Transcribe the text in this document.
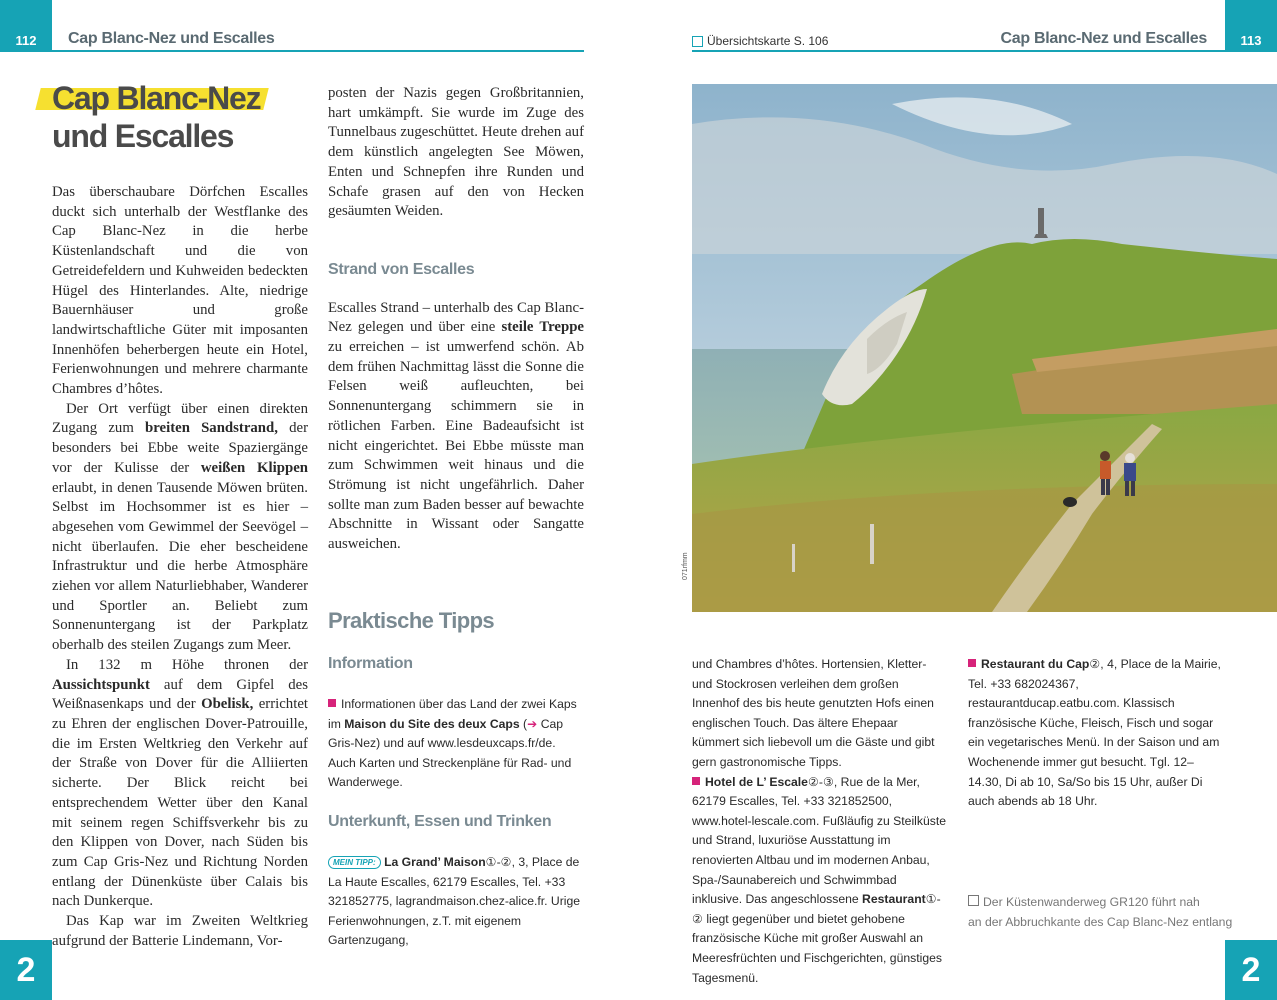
112 Cap Blanc-Nez und Escalles	Übersichtskarte S. 106	Cap Blanc-Nez und Escalles	113
2	2
Cap Blanc-Nez
und Escalles

Das überschaubare Dörfchen Escalles duckt sich unterhalb der Westflanke des Cap Blanc-Nez in die herbe Küstenlandschaft und die von Getreidefeldern und Kuhweiden bedeckten Hügel des Hinterlandes. Alte, niedrige Bauernhäuser und große landwirtschaftliche Güter mit imposanten Innenhöfen beherbergen heute ein Hotel, Ferienwohnungen und mehrere charmante Chambres d’hôtes.

Der Ort verfügt über einen direkten Zugang zum breiten Sandstrand, der besonders bei Ebbe weite Spaziergänge vor der Kulisse der weißen Klippen erlaubt, in denen Tausende Möwen brüten. Selbst im Hochsommer ist es hier – abgesehen vom Gewimmel der Seevögel – nicht überlaufen. Die eher bescheidene Infrastruktur und die herbe Atmosphäre ziehen vor allem Naturliebhaber, Wanderer und Sportler an. Beliebt zum Sonnenuntergang ist der Parkplatz oberhalb des steilen Zugangs zum Meer.

In 132 m Höhe thronen der Aussichtspunkt auf dem Gipfel des Weißnasenkaps und der Obelisk, errichtet zu Ehren der englischen Dover-Patrouille, die im Ersten Weltkrieg den Verkehr auf der Straße von Dover für die Alliierten sicherte. Der Blick reicht bei entsprechendem Wetter über den Kanal mit seinem regen Schiffsverkehr bis zu den Klippen von Dover, nach Süden bis zum Cap Gris-Nez und Richtung Norden entlang der Dünenküste über Calais bis nach Dunkerque.

Das Kap war im Zweiten Weltkrieg aufgrund der Batterie Lindemann, Vor-

posten der Nazis gegen Großbritannien, hart umkämpft. Sie wurde im Zuge des Tunnelbaus zugeschüttet. Heute drehen auf dem künstlich angelegten See Möwen, Enten und Schnepfen ihre Runden und Schafe grasen auf den von Hecken gesäumten Weiden.

Strand von Escalles

Escalles Strand – unterhalb des Cap Blanc-Nez gelegen und über eine steile Treppe zu erreichen – ist umwerfend schön. Ab dem frühen Nachmittag lässt die Sonne die Felsen weiß aufleuchten, bei Sonnenuntergang schimmern sie in rötlichen Farben. Eine Badeaufsicht ist nicht eingerichtet. Bei Ebbe müsste man zum Schwimmen weit hinaus und die Strömung ist nicht ungefährlich. Daher sollte man zum Baden besser auf bewachte Abschnitte in Wissant oder Sangatte ausweichen.

Praktische Tipps
Information
Informationen über das Land der zwei Kaps im Maison du Site des deux Caps (➔ Cap Gris-Nez) und auf www.lesdeuxcaps.fr/de. Auch Karten und Streckenpläne für Rad- und Wanderwege.
Unterkunft, Essen und Trinken
MEIN TIPP: La Grand’ Maison①-②, 3, Place de La Haute Escalles, 62179 Escalles, Tel. +33 321852775, lagrandmaison.chez-alice.fr. Urige Ferienwohnungen, z.T. mit eigenem Gartenzugang,
071rfmm
und Chambres d’hôtes. Hortensien, Kletter- und Stockrosen verleihen dem großen Innenhof des bis heute genutzten Hofs einen englischen Touch. Das ältere Ehepaar kümmert sich liebevoll um die Gäste und gibt gern gastronomische Tipps.
Hotel de L’ Escale②-③, Rue de la Mer, 62179 Escalles, Tel. +33 321852500, www.hotel-lescale.com. Fußläufig zu Steilküste und Strand, luxuriöse Ausstattung im renovierten Altbau und im modernen Anbau, Spa-/Saunabereich und Schwimmbad inklusive. Das angeschlossene Restaurant①-② liegt gegenüber und bietet gehobene französische Küche mit großer Auswahl an Meeresfrüchten und Fischgerichten, günstiges Tagesmenü.
Restaurant du Cap②, 4, Place de la Mairie, Tel. +33 682024367, restaurantducap.eatbu.com. Klassisch französische Küche, Fleisch, Fisch und sogar ein vegetarisches Menü. In der Saison und am Wochenende immer gut besucht. Tgl. 12–14.30, Di ab 10, Sa/So bis 15 Uhr, außer Di auch abends ab 18 Uhr.
Der Küstenwanderweg GR120 führt nah
an der Abbruchkante des Cap Blanc-Nez entlang
